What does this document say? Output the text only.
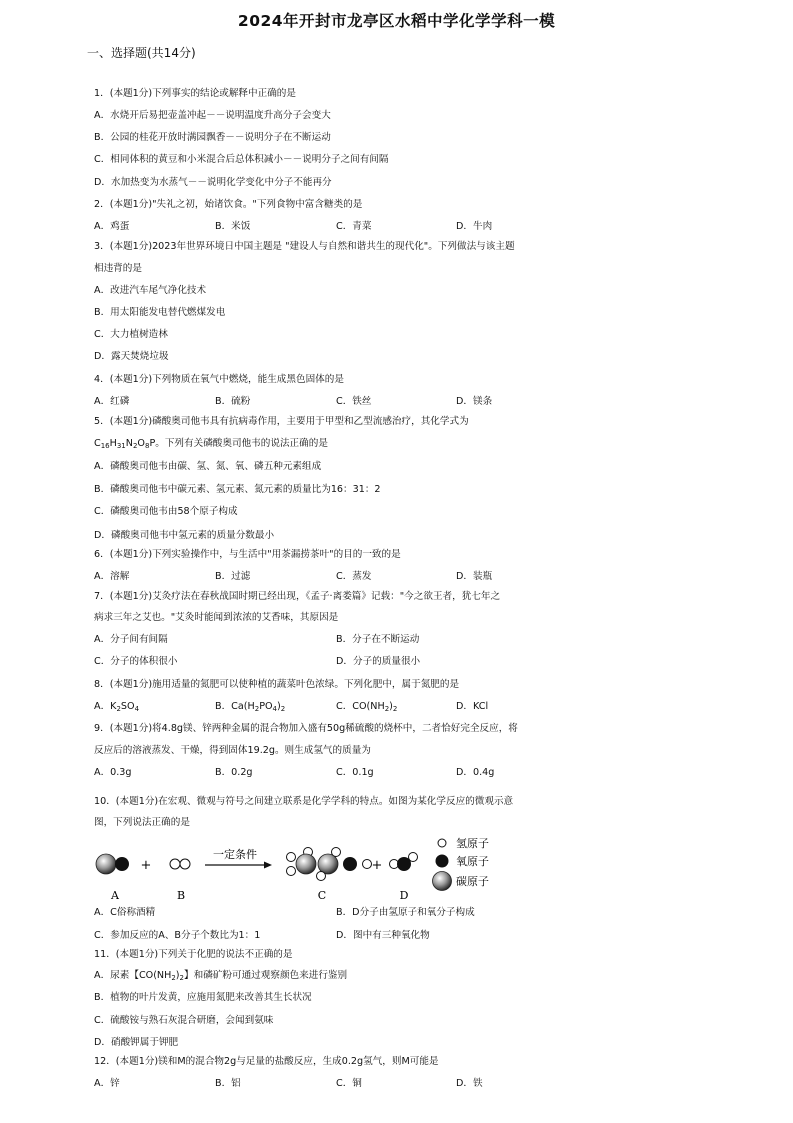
2024年开封市龙亭区水稻中学化学学科一模
一、选择题(共14分)
1．(本题1分)下列事实的结论或解释中正确的是
A．水烧开后易把壶盖冲起－－说明温度升高分子会变大
B．公园的桂花开放时满园飘香－－说明分子在不断运动
C．相同体积的黄豆和小米混合后总体积减小－－说明分子之间有间隔
D．水加热变为水蒸气－－说明化学变化中分子不能再分
2．(本题1分)"失礼之初，始诸饮食。"下列食物中富含糖类的是
A．鸡蛋	B．米饭	C．青菜	D．牛肉
3．(本题1分)2023年世界环境日中国主题是 "建设人与自然和谐共生的现代化"。下列做法与该主题
相违背的是
A．改进汽车尾气净化技术
B．用太阳能发电替代燃煤发电
C．大力植树造林
D．露天焚烧垃圾
4．(本题1分)下列物质在氧气中燃烧，能生成黑色固体的是
A．红磷	B．硫粉	C．铁丝	D．镁条
5．(本题1分)磷酸奥司他韦具有抗病毒作用，主要用于甲型和乙型流感治疗，其化学式为
$C_{16}H_{31}N_2O_8P$。下列有关磷酸奥司他韦的说法正确的是
A．磷酸奥司他韦由碳、氢、氮、氧、磷五种元素组成
B．磷酸奥司他韦中碳元素、氢元素、氮元素的质量比为16：31：2
C．磷酸奥司他韦由58个原子构成
D．磷酸奥司他韦中氢元素的质量分数最小
6．(本题1分)下列实验操作中，与生活中"用茶漏捞茶叶"的目的一致的是
A．溶解	B．过滤	C．蒸发	D．装瓶
7．(本题1分)艾灸疗法在春秋战国时期已经出现，《孟子·离娄篇》记载："今之欲王者，犹七年之
病求三年之艾也。"艾灸时能闻到浓浓的艾香味，其原因是
A．分子间有间隔	B．分子在不断运动
C．分子的体积很小	D．分子的质量很小
8．(本题1分)施用适量的氮肥可以使种植的蔬菜叶色浓绿。下列化肥中，属于氮肥的是
A．$K_2SO_4$	B．$Ca(H_2PO_4)_2$	C．$CO(NH_2)_2$	D．KCl
9．(本题1分)将4.8g镁、锌两种金属的混合物加入盛有50g稀硫酸的烧杯中，二者恰好完全反应，将
反应后的溶液蒸发、干燥，得到固体19.2g。则生成氢气的质量为
A．0.3g	B．0.2g	C．0.1g	D．0.4g
10．(本题1分)在宏观、微观与符号之间建立联系是化学学科的特点。如图为某化学反应的微观示意
图，下列说法正确的是
+
一定条件
+
A	B	C	D
氢原子
氧原子
碳原子
A．C俗称酒精	B．D分子由氢原子和氧分子构成
C．参加反应的A、B分子个数比为1：1	D．图中有三种氧化物
11．(本题1分)下列关于化肥的说法不正确的是
A．尿素【$CO(NH_2)_2$】和磷矿粉可通过观察颜色来进行鉴别
B．植物的叶片发黄，应施用氮肥来改善其生长状况
C．硫酸铵与熟石灰混合研磨，会闻到氨味
D．硝酸钾属于钾肥
12．(本题1分)镁和M的混合物2g与足量的盐酸反应，生成0.2g氢气，则M可能是
A．锌	B．铝	C．铜	D．铁
